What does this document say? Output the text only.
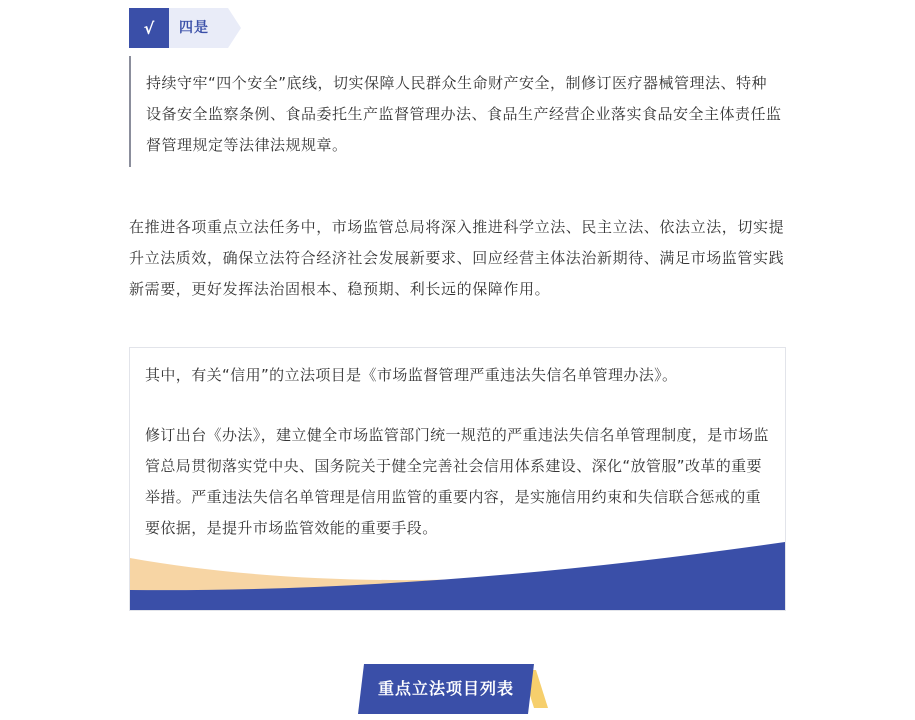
√	四是

持续守牢“四个安全”底线，切实保障人民群众生命财产安全，制修订医疗器械管理法、特种设备安全监察条例、食品委托生产监督管理办法、食品生产经营企业落实食品安全主体责任监督管理规定等法律法规规章。

在推进各项重点立法任务中，市场监管总局将深入推进科学立法、民主立法、依法立法，切实提升立法质效，确保立法符合经济社会发展新要求、回应经营主体法治新期待、满足市场监管实践新需要，更好发挥法治固根本、稳预期、利长远的保障作用。

其中，有关“信用”的立法项目是《市场监督管理严重违法失信名单管理办法》。

修订出台《办法》，建立健全市场监管部门统一规范的严重违法失信名单管理制度，是市场监管总局贯彻落实党中央、国务院关于健全完善社会信用体系建设、深化“放管服”改革的重要举措。严重违法失信名单管理是信用监管的重要内容，是实施信用约束和失信联合惩戒的重要依据，是提升市场监管效能的重要手段。

重点立法项目列表
